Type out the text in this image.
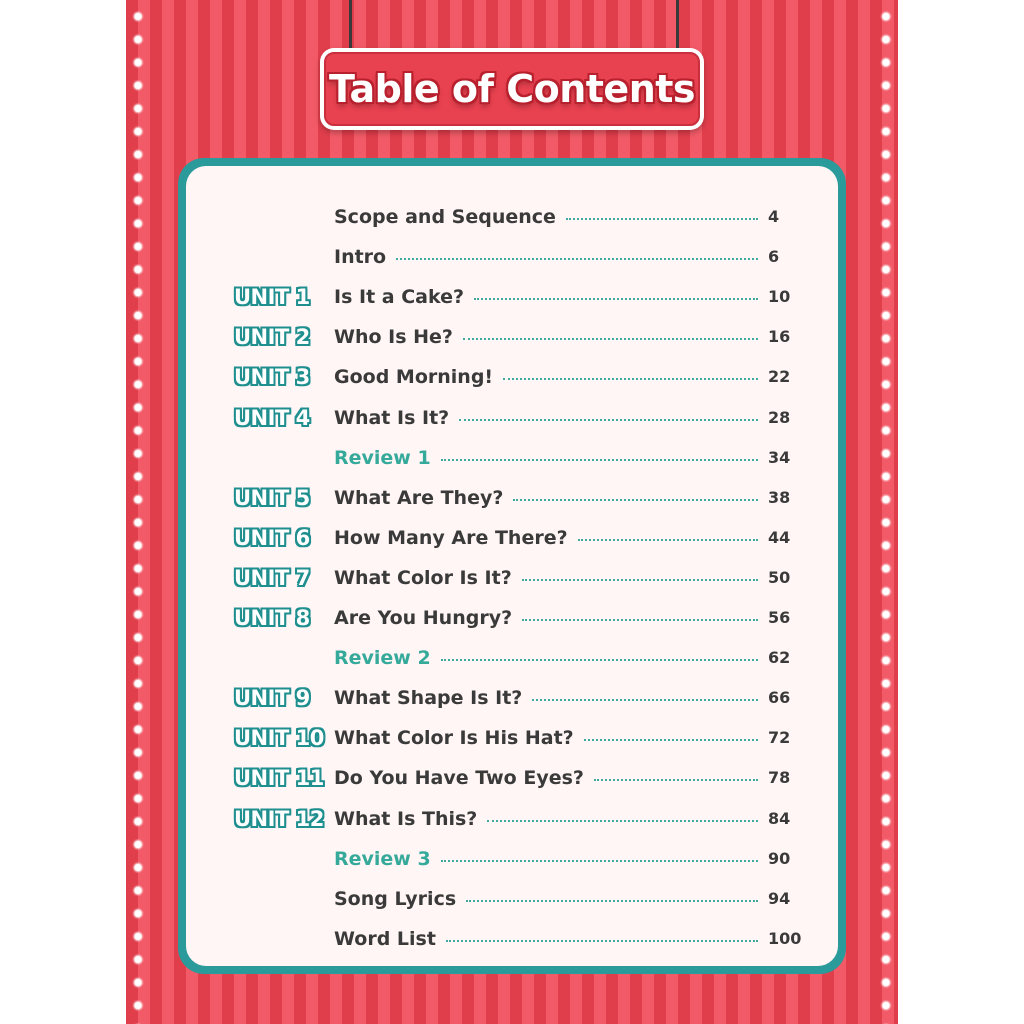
Table of Contents
Scope and Sequence	4
Intro	6
UNIT 1 Is It a Cake?	10
UNIT 2 Who Is He?	16
UNIT 3 Good Morning!	22
UNIT 4 What Is It?	28
Review 1	34
UNIT 5 What Are They?	38
UNIT 6 How Many Are There?	44
UNIT 7 What Color Is It?	50
UNIT 8 Are You Hungry?	56
Review 2	62
UNIT 9 What Shape Is It?	66
UNIT 10 What Color Is His Hat?	72
UNIT 11 Do You Have Two Eyes?	78
UNIT 12 What Is This?	84
Review 3	90
Song Lyrics	94
Word List	100
